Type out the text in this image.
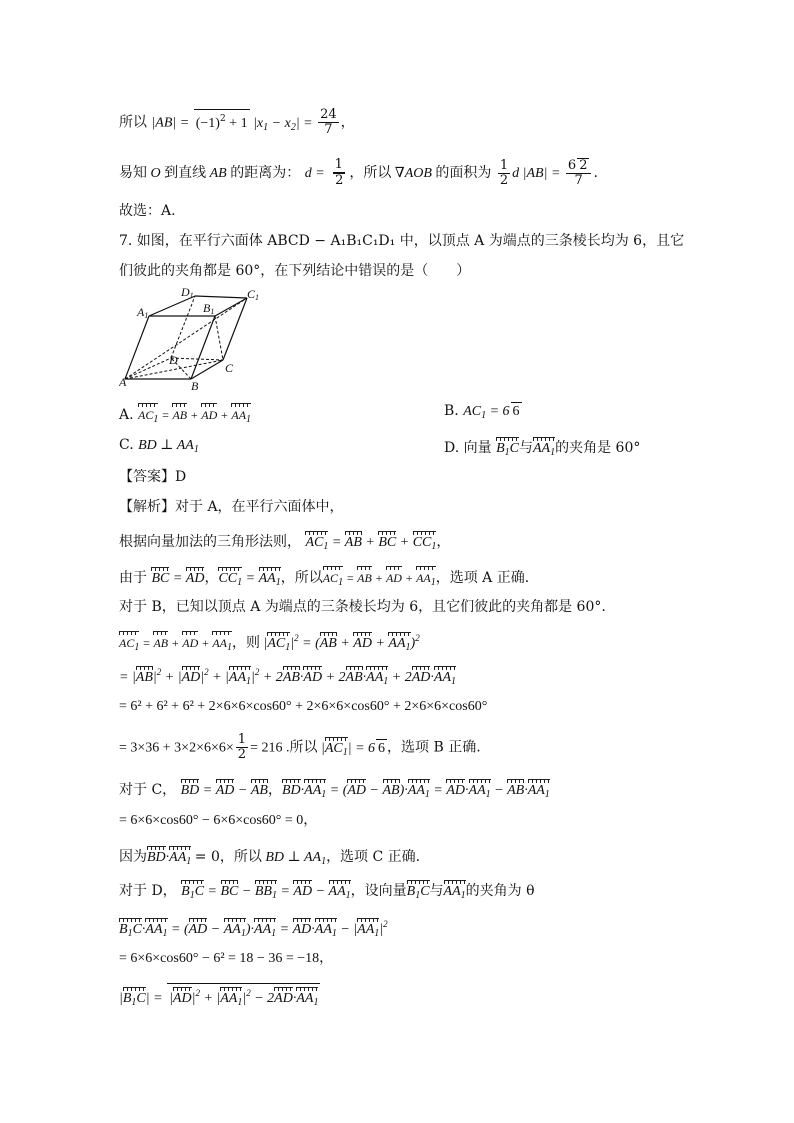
所以 $|AB| = (-1)^2 + 1$ $|x_1 - x_2| = \frac{24}{7}$ ，
易知 O 到直线 AB 的距离为： $d = \frac{1}{2}$ ，所以 ∇AOB 的面积为 $\frac{1}{2}$ d $|AB| = \frac{6 2}{7}$ .
故选：A.
7. 如图，在平行六面体 ABCD − A₁B₁C₁D₁ 中，以顶点 A 为端点的三条棱长均为 6，且它
们彼此的夹角都是 60°，在下列结论中错误的是（　　）
A	B
C
D
A1
B1
C1
D1
A. $AC_1$ = AB + AD + $AA_1$
B. $AC_1 = 6$ 6
C. BD ⊥ $AA_1$	D. 向量 $B_1C$与$AA_1$的夹角是 60°
【答案】D
【解析】对于 A，在平行六面体中，
根据向量加法的三角形法则， $AC_1$ = AB + BC + $CC_1$，
由于 BC = AD，$CC_1 = AA_1$，所以$AC_1$ = AB + AD + $AA_1$，选项 A 正确.
对于 B，已知以顶点 A 为端点的三条棱长均为 6，且它们彼此的夹角都是 60°.
$AC_1$ = AB + AD + $AA_1$，则 $|AC_1|^2 = (AB$ + AD + $AA_1)^2$
= $|AB|^2 + |AD|^2 + |AA_1|^2 + 2AB\cdot AD + 2AB\cdot AA_1 + 2AD\cdot AA_1$
= 6² + 6² + 6² + 2×6×6×cos60° + 2×6×6×cos60° + 2×6×6×cos60°
= $3\times 36 + 3\times 2\times 6\times 6\times \frac{1}{2} = 216$ .所以 $|AC_1| = 6$ 6 ，选项 B 正确.
对于 C， BD = AD − AB，$BD\cdot AA_1 = (AD - AB)\cdot AA_1 = AD\cdot AA_1 - AB\cdot AA_1$
= 6×6×cos60° − 6×6×cos60° = 0，
因为$BD\cdot AA_1 = 0$，所以 BD ⊥ $AA_1$，选项 C 正确.
对于 D， $B_1C$ = BC − $BB_1$ = AD − $AA_1$，设向量$B_1C$与$AA_1$的夹角为 θ
$B_1C\cdot AA_1 = (AD - AA_1)\cdot AA_1 = AD\cdot AA_1 - |AA_1|^2$
= 6×6×cos60° − 6² = 18 − 36 = −18，
$|B_1C| = |AD|^2 + |AA_1|^2 - 2AD\cdot AA_1$
